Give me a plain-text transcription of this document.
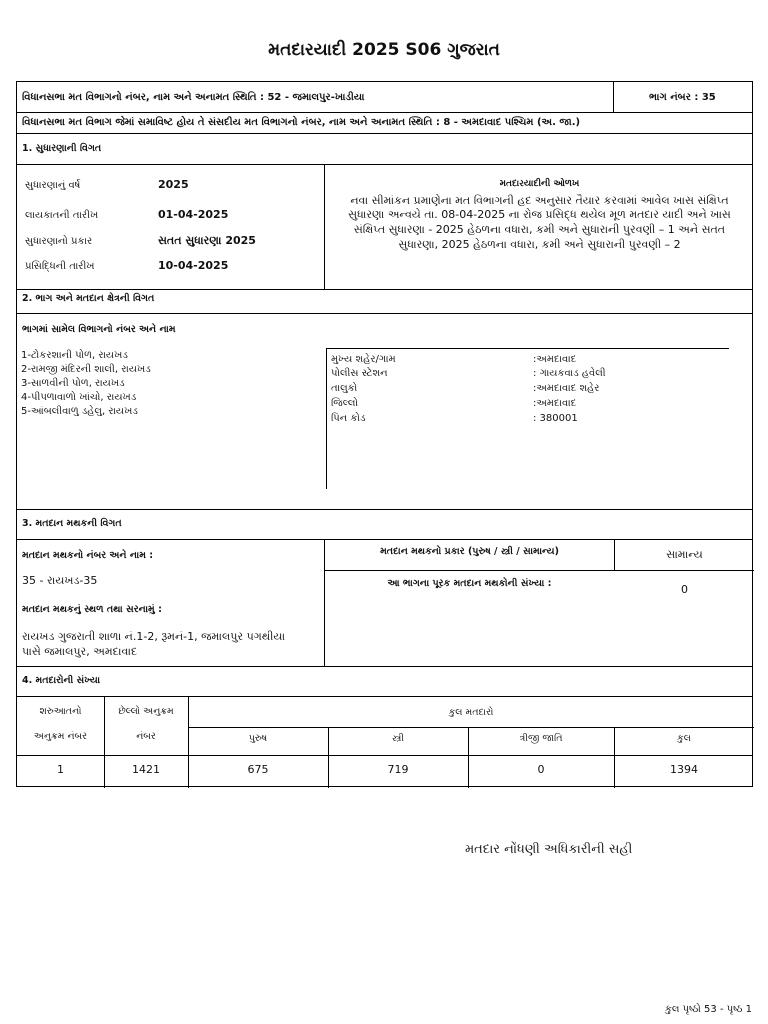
મતદારયાદી 2025 S06 ગુજરાત
વિધાનસભા મત વિભાગનો નંબર, નામ અને અનામત સ્થિતિ : 52 - જમાલપુર-ખાડીયા	ભાગ નંબર : 35
વિધાનસભા મત વિભાગ જેમાં સમાવિષ્ટ હોય તે સંસદીય મત વિભાગનો નંબર, નામ અને અનામત સ્થિતિ : 8 - અમદાવાદ પશ્ચિમ (અ. જા.)
1. સુધારણાની વિગત
સુધારણાનું વર્ષ	2025
લાયકાતની તારીખ	01-04-2025
સુધારણાનો પ્રકાર	સતત સુધારણા 2025
પ્રસિદ્ધિની તારીખ	10-04-2025
મતદારયાદીની ઓળખ
નવા સીમાંકન પ્રમાણેના મત વિભાગની હદ અનુસાર તૈયાર કરવામાં આવેલ ખાસ સંક્ષિપ્ત
સુધારણા અન્વયે તા. 08-04-2025 ના રોજ પ્રસિદ્ધ થયેલ મૂળ મતદાર યાદી અને ખાસ
સંક્ષિપ્ત સુધારણા - 2025 હેઠળના વધારા, કમી અને સુધારાની પુરવણી – 1 અને સતત
સુધારણા, 2025 હેઠળના વધારા, કમી અને સુધારાની પુરવણી – 2
2. ભાગ અને મતદાન ક્ષેત્રની વિગત
ભાગમાં સામેલ વિભાગનો નંબર અને નામ
1-ટોકરશાની પોળ, રાયખડ
2-રામજી મંદિરની શાલી, રાયખડ
3-સાળવીની પોળ, રાયખડ
4-પીપળાવાળો ખાંચો, રાયખડ
5-આંબલીવાળુ ડહેલુ, રાયખડ
મુખ્ય શહેર/ગામ	:અમદાવાદ
પોલીસ સ્ટેશન	: ગાયકવાડ હવેલી
તાલુકો	:અમદાવાદ શહેર
જિલ્લો	:અમદાવાદ
પિન કોડ	: 380001
3. મતદાન મથકની વિગત
મતદાન મથકનો નંબર અને નામ :
35 - રાયખડ-35
મતદાન મથકનું સ્થળ તથા સરનામું :
રાયખડ ગુજરાતી શાળા નં.1-2, રૂમનં-1, જમાલપુર પગથીયા
પાસે જમાલપુર, અમદાવાદ
મતદાન મથકનો પ્રકાર (પુરુષ / સ્ત્રી / સામાન્ય)	સામાન્ય
આ ભાગના પૂરક મતદાન મથકોની સંખ્યા :	0
4. મતદારોની સંખ્યા
શરુઆતનો
અનુક્રમ નંબર
છેલ્લો અનુક્રમ
નંબર
કુલ મતદારો
પુરુષ	સ્ત્રી	ત્રીજી જાતિ	કુલ
1	1421	675	719	0	1394
મતદાર નોંધણી અધિકારીની સહી
કુલ પૃષ્ઠો 53 - પૃષ્ઠ 1
